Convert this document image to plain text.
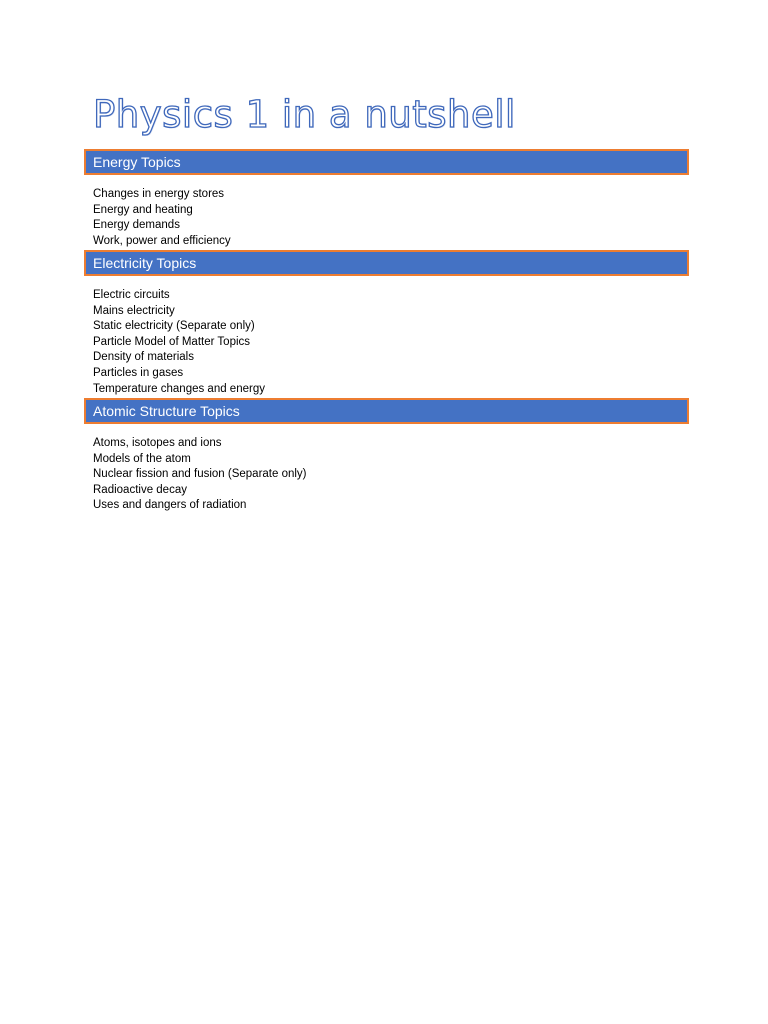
Physics 1 in a nutshell
Energy Topics
Changes in energy stores
Energy and heating
Energy demands
Work, power and efficiency
Electricity Topics
Electric circuits
Mains electricity
Static electricity (Separate only)
Particle Model of Matter Topics
Density of materials
Particles in gases
Temperature changes and energy
Atomic Structure Topics
Atoms, isotopes and ions
Models of the atom
Nuclear fission and fusion (Separate only)
Radioactive decay
Uses and dangers of radiation
